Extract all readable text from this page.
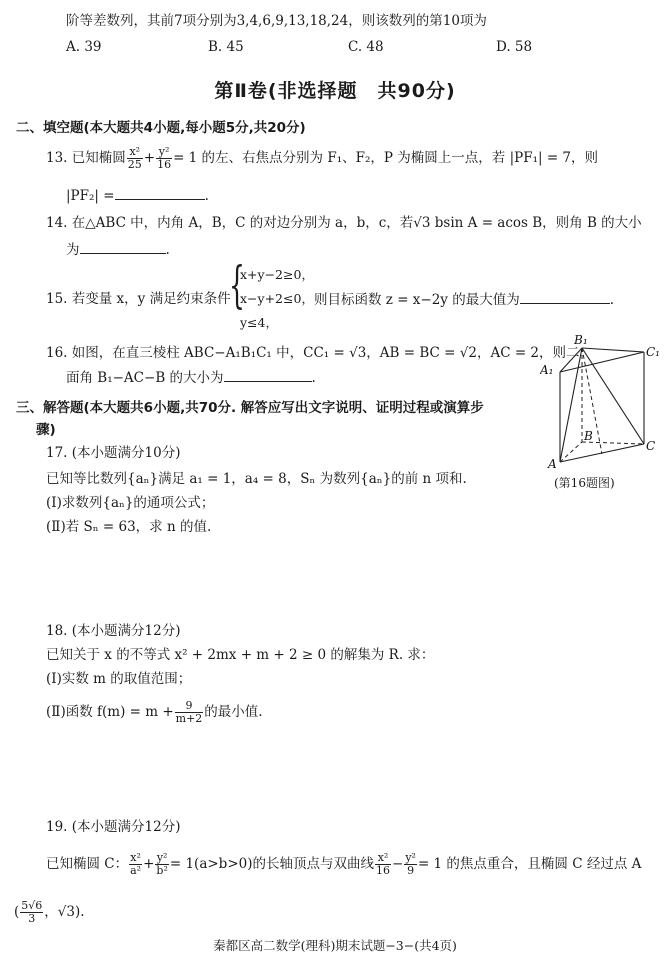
阶等差数列，其前7项分别为3,4,6,9,13,18,24，则该数列的第10项为
A. 39	B. 45	C. 48	D. 58
第Ⅱ卷(非选择题　共90分)
二、填空题(本大题共4小题,每小题5分,共20分)
13. 已知椭圆 $\frac{\text{x²}}{25} + \frac{\text{y²}}{16} = 1$ 的左、右焦点分别为 F₁、F₂，P 为椭圆上一点，若 |PF₁| = 7，则
|PF₂| =	.
14. 在△ABC 中，内角 A，B，C 的对边分别为 a，b，c，若√3 bsin A = acos B，则角 B 的大小
为	.
15. 若变量 x，y 满足约束条件
{
x+y−2≥0，
x−y+2≤0，
y≤4，
则目标函数 z = x−2y 的最大值为	.
16. 如图，在直三棱柱 ABC−A₁B₁C₁ 中，CC₁ = √3，AB = BC = √2，AC = 2，则二
面角 B₁−AC−B 的大小为	.
B₁
C₁
A₁
B
C
A
(第16题图)
三、解答题(本大题共6小题,共70分. 解答应写出文字说明、证明过程或演算步
骤)
17. (本小题满分10分)
已知等比数列{aₙ}满足 a₁ = 1，a₄ = 8，Sₙ 为数列{aₙ}的前 n 项和.
(Ⅰ)求数列{aₙ}的通项公式；
(Ⅱ)若 Sₙ = 63，求 n 的值.
18. (本小题满分12分)
已知关于 x 的不等式 x² + 2mx + m + 2 ≥ 0 的解集为 R. 求：
(Ⅰ)实数 m 的取值范围；
(Ⅱ)函数 $f(m) = m + \frac{9}{m+2}$ 的最小值.
19. (本小题满分12分)
已知椭圆 C： $\frac{\text{x²}}{\text{a²}} + \frac{\text{y²}}{\text{b²}} = 1(a>b>0)$的长轴顶点与双曲线 $\frac{\text{x²}}{16} - \frac{\text{y²}}{9} = 1$ 的焦点重合，且椭圆 C 经过点 A
( $\frac{5√6}{3}$ ，√3).
秦都区高二数学(理科)期末试题−3−(共4页)
